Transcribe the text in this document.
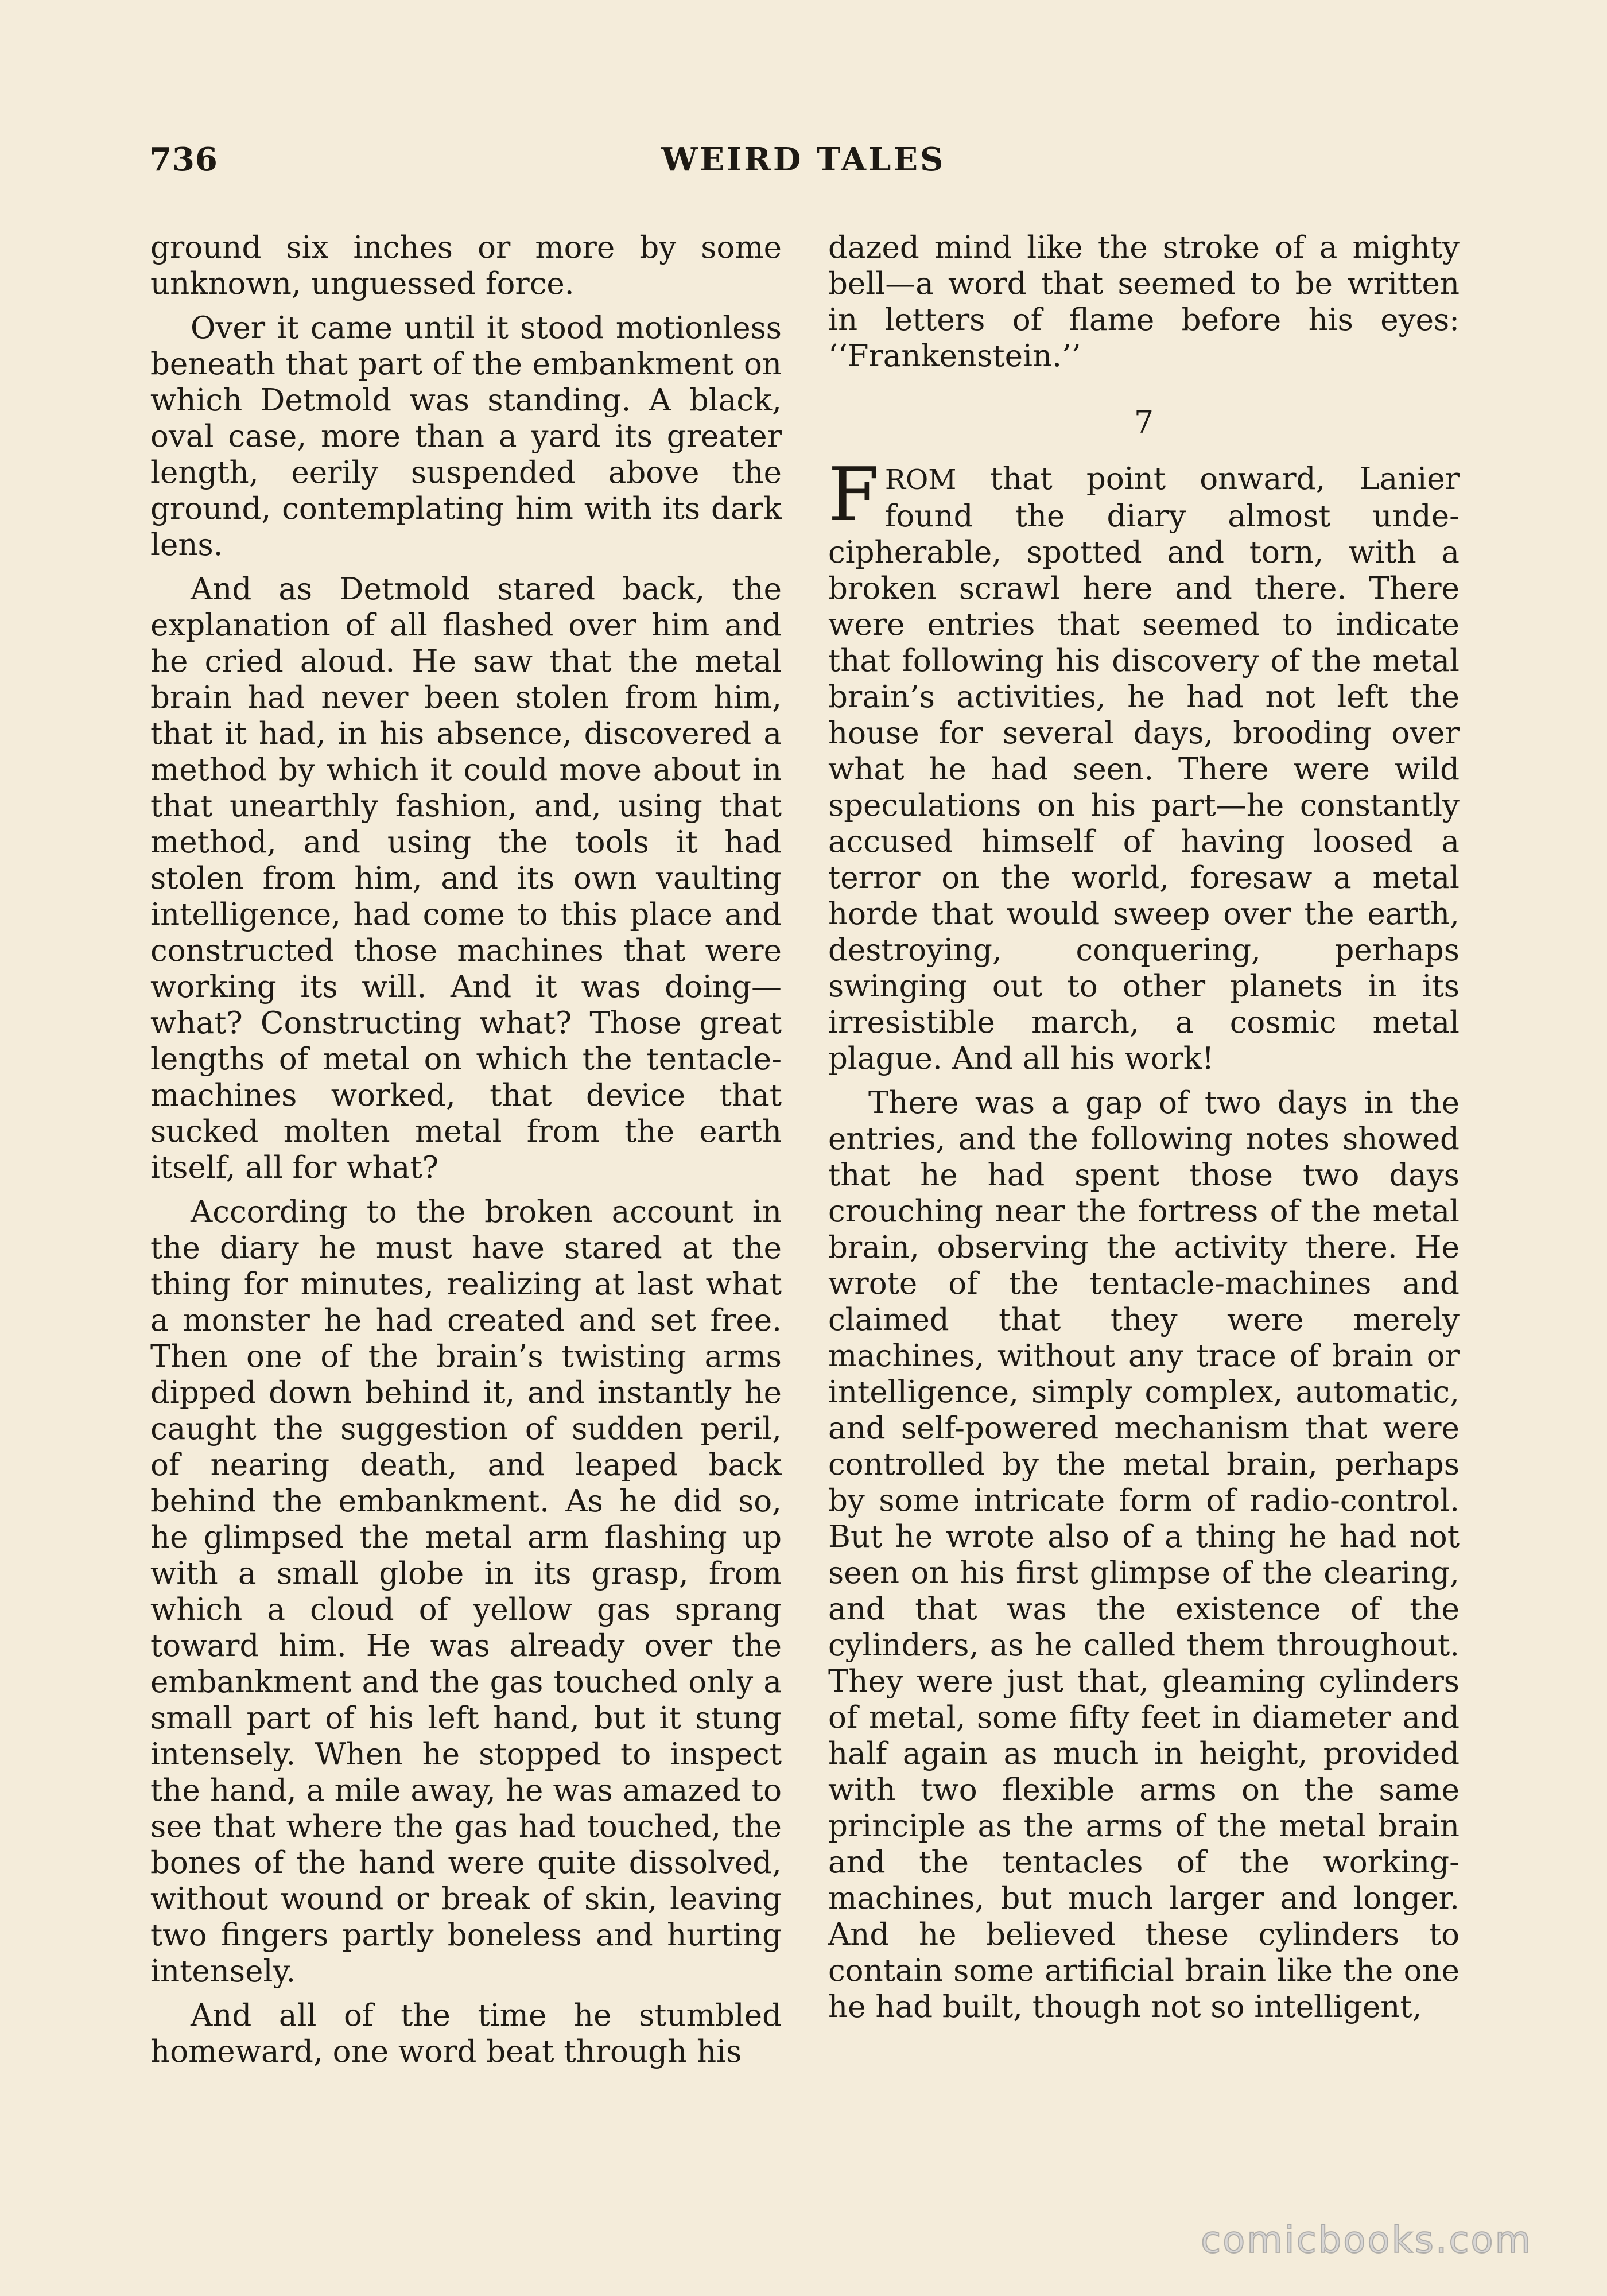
736	WEIRD TALES

ground six inches or more by some unknown, unguessed force.

Over it came until it stood motionless beneath that part of the embankment on which Detmold was standing. A black, oval case, more than a yard its greater length, eerily suspended above the ground, contemplating him with its dark lens.

And as Detmold stared back, the explanation of all flashed over him and he cried aloud. He saw that the metal brain had never been stolen from him, that it had, in his absence, discovered a method by which it could move about in that unearthly fashion, and, using that method, and using the tools it had stolen from him, and its own vaulting intelligence, had come to this place and constructed those machines that were working its will. And it was doing—what? Constructing what? Those great lengths of metal on which the tentacle-machines worked, that device that sucked molten metal from the earth itself, all for what?

According to the broken account in the diary he must have stared at the thing for minutes, realizing at last what a monster he had created and set free. Then one of the brain’s twisting arms dipped down behind it, and instantly he caught the suggestion of sudden peril, of nearing death, and leaped back behind the embankment. As he did so, he glimpsed the metal arm flashing up with a small globe in its grasp, from which a cloud of yellow gas sprang toward him. He was already over the embankment and the gas touched only a small part of his left hand, but it stung intensely. When he stopped to inspect the hand, a mile away, he was amazed to see that where the gas had touched, the bones of the hand were quite dissolved, without wound or break of skin, leaving two fingers partly boneless and hurting intensely.

And all of the time he stumbled homeward, one word beat through his

dazed mind like the stroke of a mighty bell—a word that seemed to be written in letters of flame before his eyes: ‘‘Frankenstein.’’

7

FROM that point onward, Lanier found the diary almost undecipherable, spotted and torn, with a broken scrawl here and there. There were entries that seemed to indicate that following his discovery of the metal brain’s activities, he had not left the house for several days, brooding over what he had seen. There were wild speculations on his part—he constantly accused himself of having loosed a terror on the world, foresaw a metal horde that would sweep over the earth, destroying, conquering, perhaps swinging out to other planets in its irresistible march, a cosmic metal plague. And all his work!

There was a gap of two days in the entries, and the following notes showed that he had spent those two days crouching near the fortress of the metal brain, observing the activity there. He wrote of the tentacle-machines and claimed that they were merely machines, without any trace of brain or intelligence, simply complex, automatic, and self-powered mechanism that were controlled by the metal brain, perhaps by some intricate form of radio-control. But he wrote also of a thing he had not seen on his first glimpse of the clearing, and that was the existence of the cylinders, as he called them throughout. They were just that, gleaming cylinders of metal, some fifty feet in diameter and half again as much in height, provided with two flexible arms on the same principle as the arms of the metal brain and the tentacles of the working-machines, but much larger and longer. And he believed these cylinders to contain some artificial brain like the one he had built, though not so intelligent,

comicbooks.com
